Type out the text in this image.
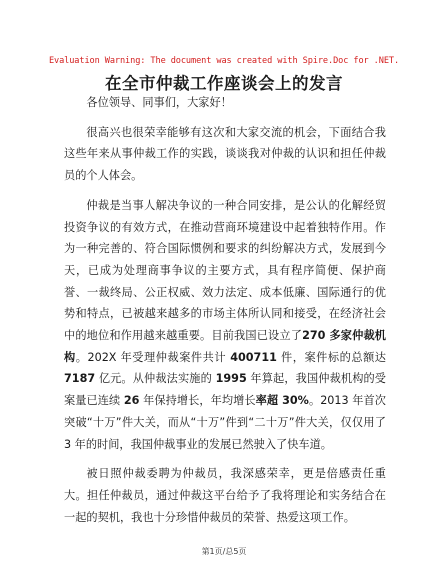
Evaluation Warning: The document was created with Spire.Doc for .NET.
在全市仲裁工作座谈会上的发言

各位领导、同事们，大家好！

很高兴也很荣幸能够有这次和大家交流的机会，下面结合我这些年来从事仲裁工作的实践，谈谈我对仲裁的认识和担任仲裁员的个人体会。

仲裁是当事人解决争议的一种合同安排，是公认的化解经贸投资争议的有效方式，在推动营商环境建设中起着独特作用。作为一种完善的、符合国际惯例和要求的纠纷解决方式，发展到今天，已成为处理商事争议的主要方式，具有程序简便、保护商誉、一裁终局、公正权威、效力法定、成本低廉、国际通行的优势和特点，已被越来越多的市场主体所认同和接受，在经济社会中的地位和作用越来越重要。目前我国已设立了270 多家仲裁机构。202X 年受理仲裁案件共计 400711 件，案件标的总额达 7187 亿元。从仲裁法实施的 1995 年算起，我国仲裁机构的受案量已连续 26 年保持增长，年均增长率超 30%。2013 年首次突破“十万”件大关，而从“十万”件到“二十万”件大关，仅仅用了 3 年的时间，我国仲裁事业的发展已然驶入了快车道。

被日照仲裁委聘为仲裁员，我深感荣幸，更是倍感责任重大。担任仲裁员，通过仲裁这平台给予了我将理论和实务结合在一起的契机，我也十分珍惜仲裁员的荣誉、热爱这项工作。

第1页/总5页
